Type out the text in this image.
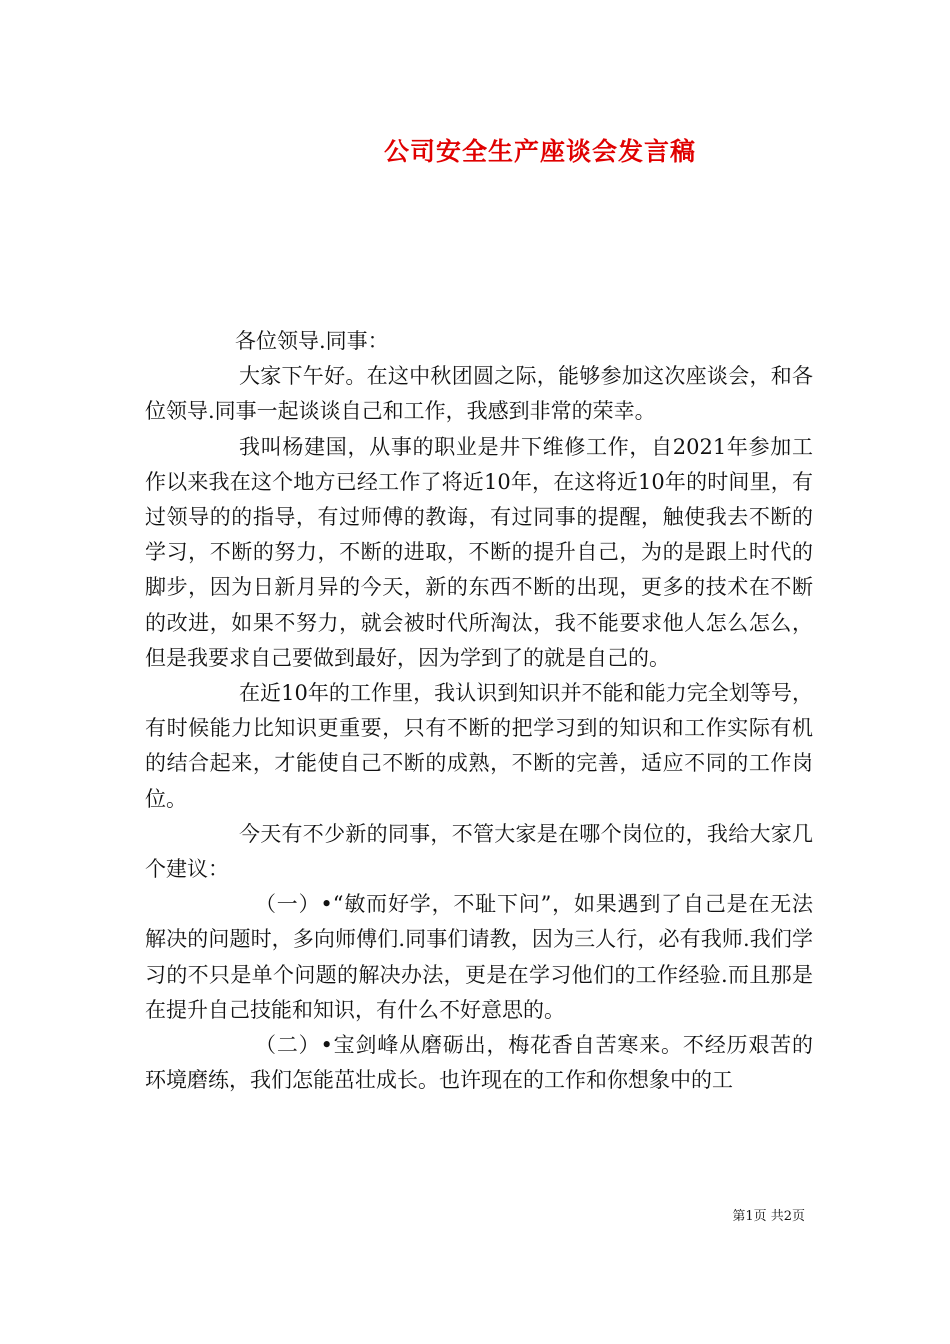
公司安全生产座谈会发言稿

各位领导.同事：

大家下午好。在这中秋团圆之际，能够参加这次座谈会，和各位领导.同事一起谈谈自己和工作，我感到非常的荣幸。

我叫杨建国，从事的职业是井下维修工作，自2021年参加工作以来我在这个地方已经工作了将近10年，在这将近10年的时间里，有过领导的的指导，有过师傅的教诲，有过同事的提醒，触使我去不断的学习，不断的努力，不断的进取，不断的提升自己，为的是跟上时代的脚步，因为日新月异的今天，新的东西不断的出现，更多的技术在不断的改进，如果不努力，就会被时代所淘汰，我不能要求他人怎么怎么，但是我要求自己要做到最好，因为学到了的就是自己的。

在近10年的工作里，我认识到知识并不能和能力完全划等号，有时候能力比知识更重要，只有不断的把学习到的知识和工作实际有机的结合起来，才能使自己不断的成熟，不断的完善，适应不同的工作岗位。

今天有不少新的同事，不管大家是在哪个岗位的，我给大家几个建议：

（一）•“敏而好学，不耻下问”，如果遇到了自己是在无法解决的问题时，多向师傅们.同事们请教，因为三人行，必有我师.我们学习的不只是单个问题的解决办法，更是在学习他们的工作经验.而且那是在提升自己技能和知识，有什么不好意思的。

（二）•宝剑峰从磨砺出，梅花香自苦寒来。不经历艰苦的环境磨练，我们怎能茁壮成长。也许现在的工作和你想象中的工

第1页 共2页
